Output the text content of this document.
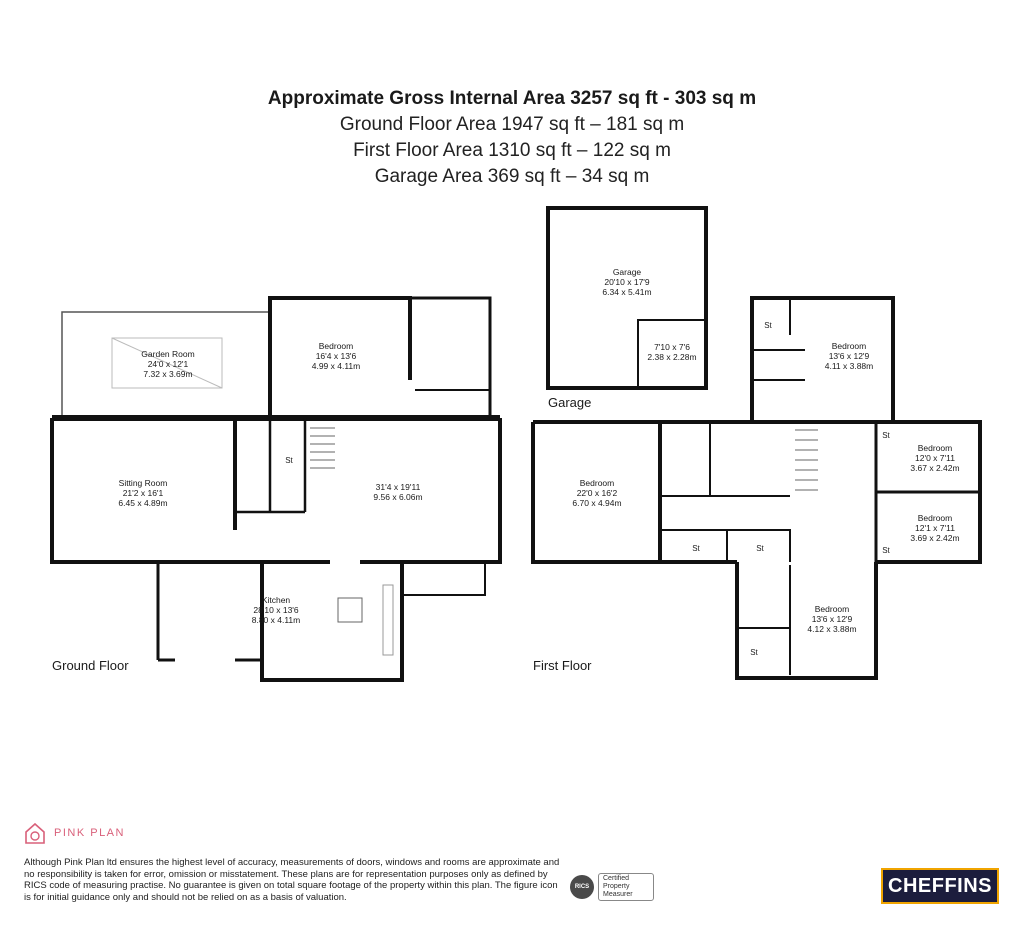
Approximate Gross Internal Area 3257 sq ft - 303 sq m
Ground Floor Area 1947 sq ft – 181 sq m
First Floor Area 1310 sq ft – 122 sq m
Garage Area 369 sq ft – 34 sq m
Garden Room
24'0 x 12'1
7.32 x 3.69m
Bedroom
16'4 x 13'6
4.99 x 4.11m
Sitting Room
21'2 x 16'1
6.45 x 4.89m
31'4 x 19'11
9.56 x 6.06m
St
Kitchen
28'10 x 13'6
8.80 x 4.11m
Garage
20'10 x 17'9
6.34 x 5.41m
7'10 x 7'6
2.38 x 2.28m
Bedroom
22'0 x 16'2
6.70 x 4.94m
Bedroom
13'6 x 12'9
4.11 x 3.88m
Bedroom
12'0 x 7'11
3.67 x 2.42m
Bedroom
12'1 x 7'11
3.69 x 2.42m
Bedroom
13'6 x 12'9
4.12 x 3.88m
St
St
St
St	St
St
Ground Floor	First Floor
Garage
PINK PLAN
Although Pink Plan ltd ensures the highest level of accuracy, measurements of doors, windows and rooms are approximate and no responsibility is taken for error, omission or misstatement. These plans are for representation purposes only as defined by RICS code of measuring practise. No guarantee is given on total square footage of the property within this plan. The figure icon is for initial guidance only and should not be relied on as a basis of valuation.
RICS
Certified
Property
Measurer	CHEFFINS
